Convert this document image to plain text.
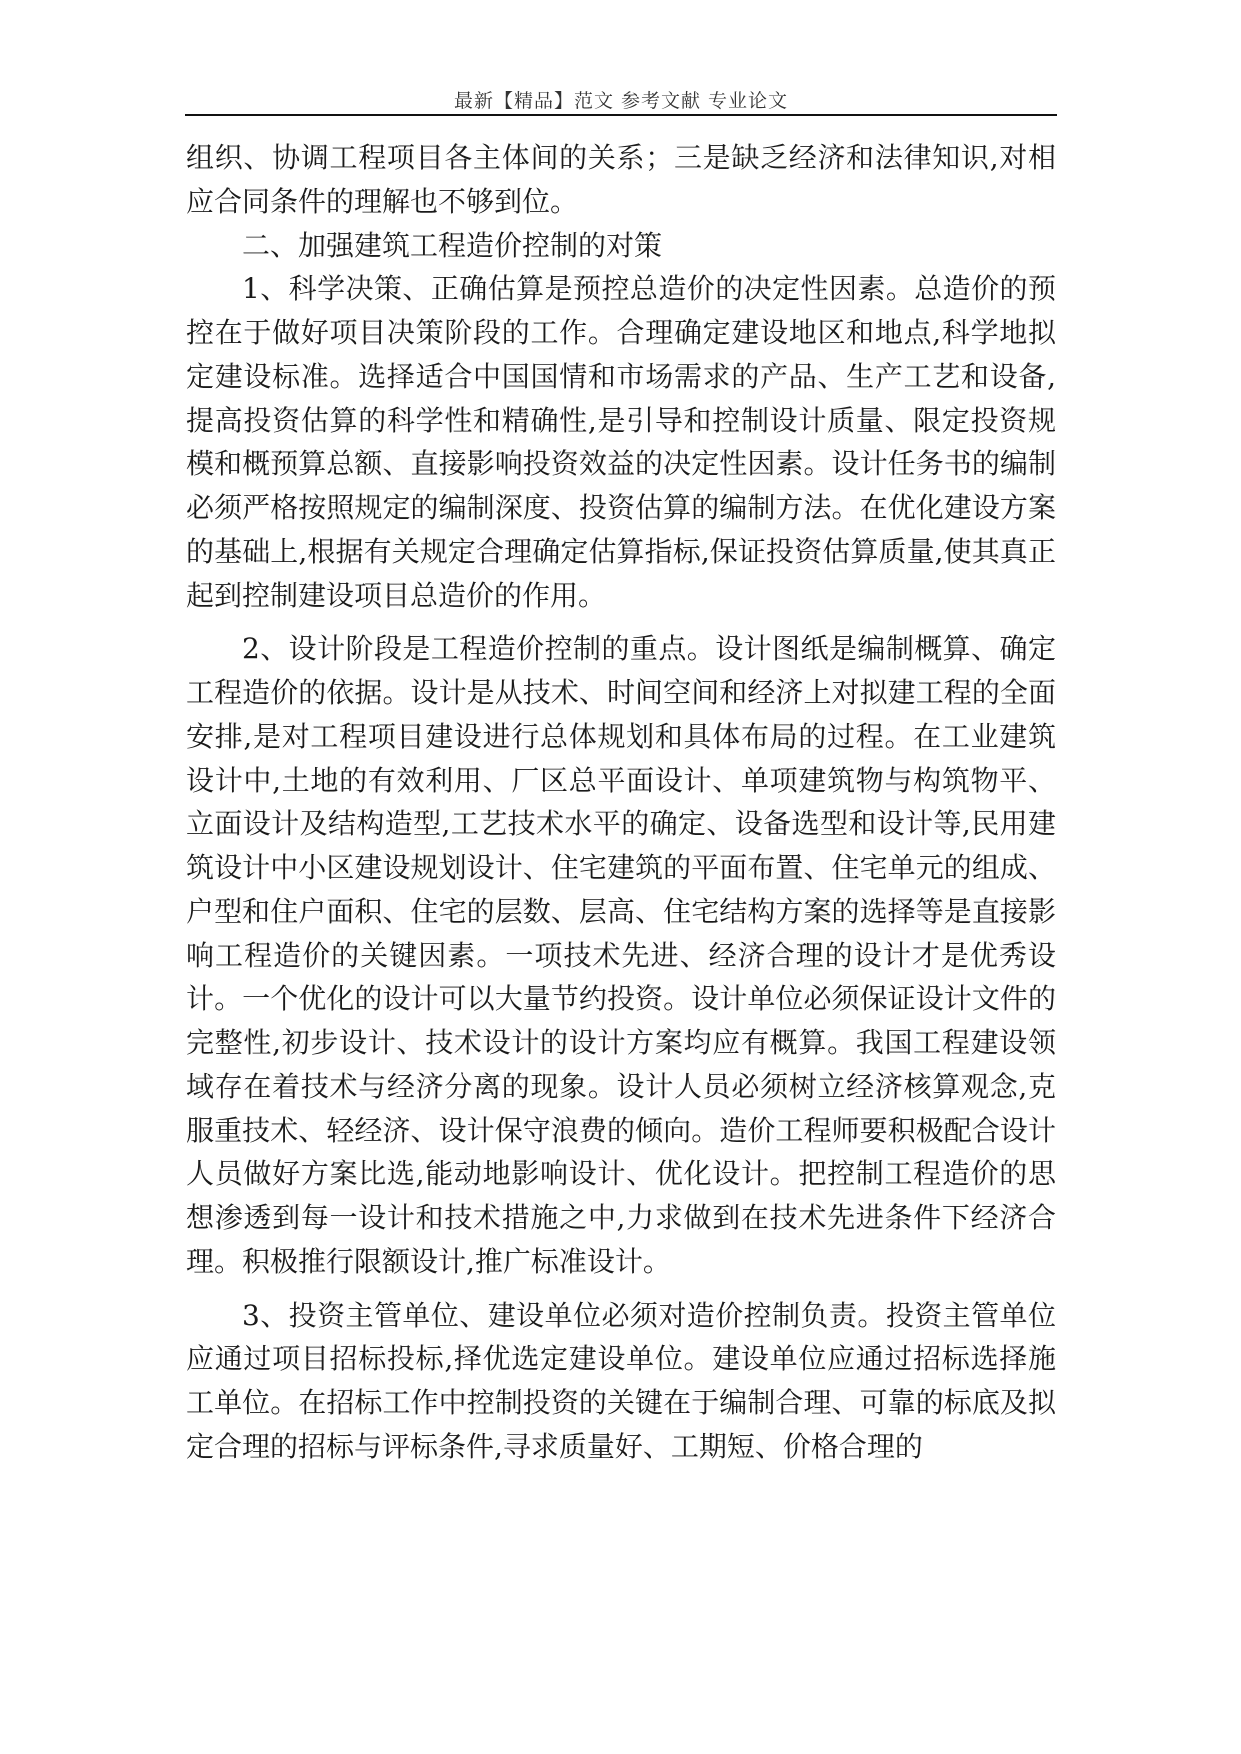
最新【精品】范文 参考文献 专业论文

组织、协调工程项目各主体间的关系；三是缺乏经济和法律知识,对相应合同条件的理解也不够到位。

二、加强建筑工程造价控制的对策

1、科学决策、正确估算是预控总造价的决定性因素。总造价的预控在于做好项目决策阶段的工作。合理确定建设地区和地点,科学地拟定建设标准。选择适合中国国情和市场需求的产品、生产工艺和设备,提高投资估算的科学性和精确性,是引导和控制设计质量、限定投资规模和概预算总额、直接影响投资效益的决定性因素。设计任务书的编制必须严格按照规定的编制深度、投资估算的编制方法。在优化建设方案的基础上,根据有关规定合理确定估算指标,保证投资估算质量,使其真正起到控制建设项目总造价的作用。

2、设计阶段是工程造价控制的重点。设计图纸是编制概算、确定工程造价的依据。设计是从技术、时间空间和经济上对拟建工程的全面安排,是对工程项目建设进行总体规划和具体布局的过程。在工业建筑设计中,土地的有效利用、厂区总平面设计、单项建筑物与构筑物平、立面设计及结构造型,工艺技术水平的确定、设备选型和设计等,民用建筑设计中小区建设规划设计、住宅建筑的平面布置、住宅单元的组成、户型和住户面积、住宅的层数、层高、住宅结构方案的选择等是直接影响工程造价的关键因素。一项技术先进、经济合理的设计才是优秀设计。一个优化的设计可以大量节约投资。设计单位必须保证设计文件的完整性,初步设计、技术设计的设计方案均应有概算。我国工程建设领域存在着技术与经济分离的现象。设计人员必须树立经济核算观念,克服重技术、轻经济、设计保守浪费的倾向。造价工程师要积极配合设计人员做好方案比选,能动地影响设计、优化设计。把控制工程造价的思想渗透到每一设计和技术措施之中,力求做到在技术先进条件下经济合理。积极推行限额设计,推广标准设计。

3、投资主管单位、建设单位必须对造价控制负责。投资主管单位应通过项目招标投标,择优选定建设单位。建设单位应通过招标选择施工单位。在招标工作中控制投资的关键在于编制合理、可靠的标底及拟定合理的招标与评标条件,寻求质量好、工期短、价格合理的
